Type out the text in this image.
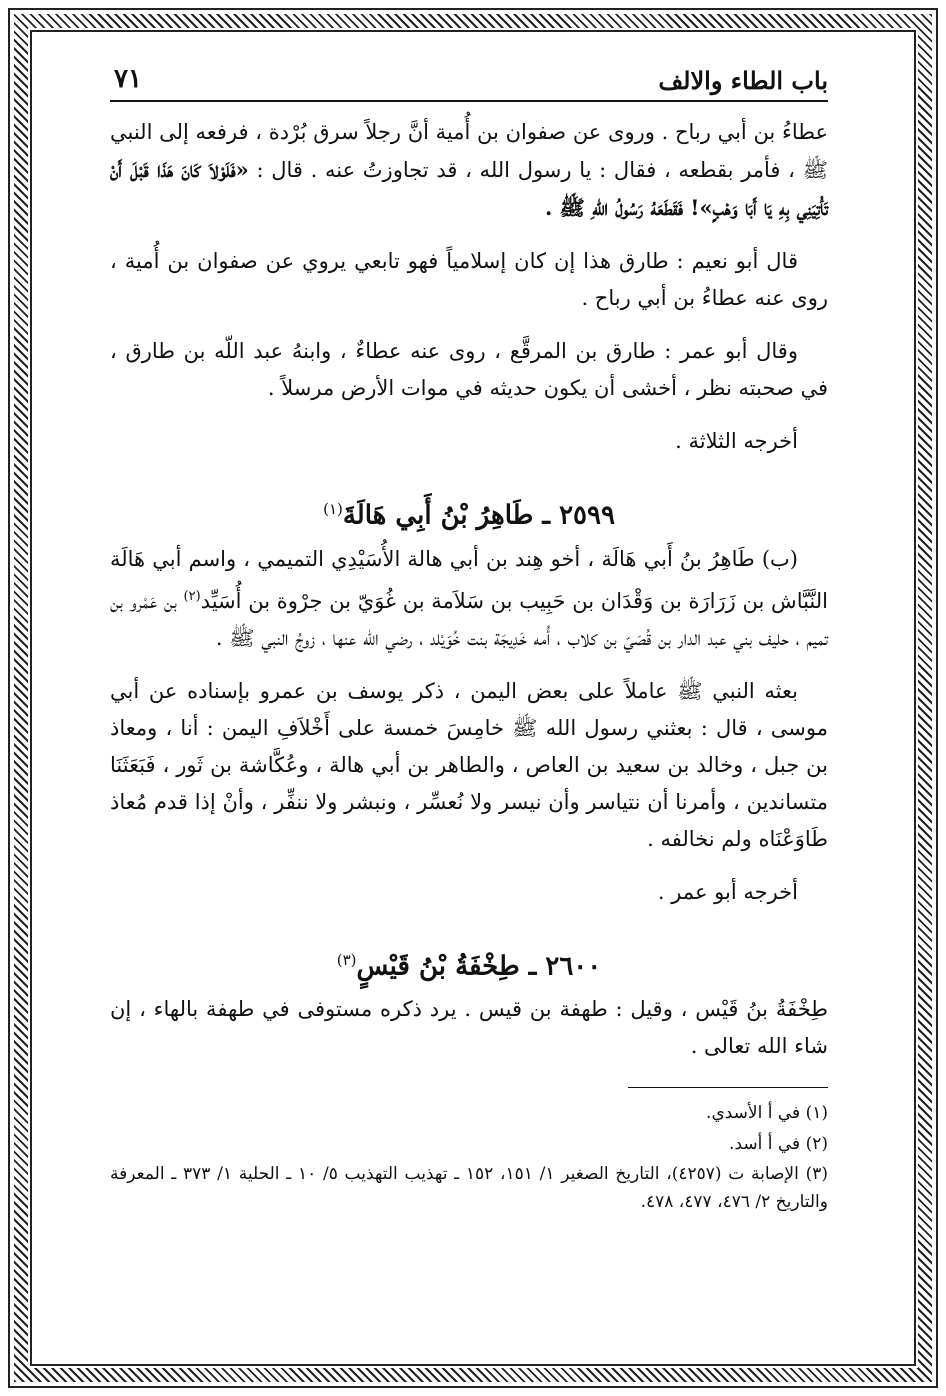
باب الطاء والالف
٧١

عطاءُ بن أبي رباح . وروى عن صفوان بن أُمية أنَّ رجلاً سرق بُرْدة ، فرفعه إلى النبي ﷺ ، فأمر بقطعه ، فقال : يا رسول الله ، قد تجاوزتُ عنه . قال : «فَلَوْلاَ كَانَ هَذَا قَبْلَ أَنْ تَأْتِيَنِي بِهِ يَا أَبَا وَهْبٍ»! فَقَطَعَهُ رَسُولُ اللهِ ﷺ .

قال أبو نعيم : طارق هذا إن كان إسلامياً فهو تابعي يروي عن صفوان بن أُمية ، روى عنه عطاءُ بن أبي رباح .

وقال أبو عمر : طارق بن المرقَّع ، روى عنه عطاءٌ ، وابنهُ عبد اللّه بن طارق ، في صحبته نظر ، أخشى أن يكون حديثه في موات الأرض مرسلاً .

أخرجه الثلاثة .

٢٥٩٩ ـ طَاهِرُ بْنُ أَبِي هَالَةَ$^{(١)}$

(ب) طَاهِرُ بنُ أَبي هَالَة ، أخو هِند بن أبي هالة الأُسَيْدِي التميمي ، واسم أبي هَالَة النَّبَّاش بن زَرَارَة بن وَقْدَان بن حَبِيب بن سَلاَمة بن غُوَيّ بن جرْوة بن أُسَيِّد$^{(٢)}$ بن عَمْرو بن تميم ، حليف بني عبد الدار بن قُصَيّ بن كلاب ، أُمه خَدِيجَة بنت خُوَيْلد ، رضي الله عنها ، زوجُ النبي ﷺ .

بعثه النبي ﷺ عاملاً على بعض اليمن ، ذكر يوسف بن عمرو بإسناده عن أبي موسى ، قال : بعثني رسول الله ﷺ خامِسَ خمسة على أَخْلاَفِ اليمن : أنا ، ومعاذ بن جبل ، وخالد بن سعيد بن العاص ، والطاهر بن أبي هالة ، وعُكَّاشة بن ثَور ، فَبَعَثَنَا متساندين ، وأمرنا أن نتياسر وأن نيسر ولا نُعسِّر ، ونبشر ولا ننفِّر ، وأنْ إذا قدم مُعاذ طَاوَعْنَاه ولم نخالفه .

أخرجه أبو عمر .

٢٦٠٠ ـ طِخْفَةُ بْنُ قَيْسٍ$^{(٣)}$

طِخْفَةُ بنُ قَيْس ، وقيل : طهفة بن قيس . يرد ذكره مستوفى في طهفة بالهاء ، إن شاء الله تعالى .

(١) في أ الأسدي.

(٢) في أ أسد.

(٣) الإصابة ت (٤٢٥٧)، التاريخ الصغير ١/ ١٥١، ١٥٢ ـ تهذيب التهذيب ٥/ ١٠ ـ الحلية ١/ ٣٧٣ ـ المعرفة والتاريخ ٢/ ٤٧٦، ٤٧٧، ٤٧٨.
